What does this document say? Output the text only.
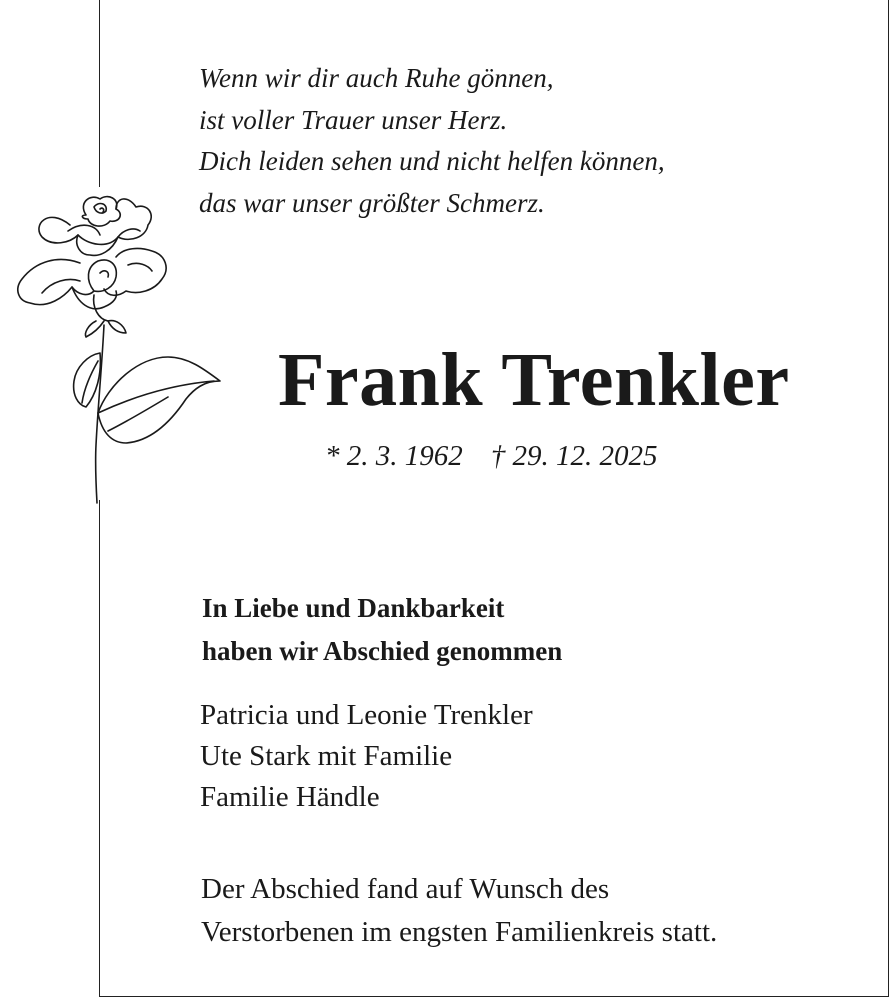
Wenn wir dir auch Ruhe gönnen,
ist voller Trauer unser Herz.
Dich leiden sehen und nicht helfen können,
das war unser größter Schmerz.
Frank Trenkler
* 2. 3. 1962 † 29. 12. 2025
In Liebe und Dankbarkeit
haben wir Abschied genommen
Patricia und Leonie Trenkler
Ute Stark mit Familie
Familie Händle
Der Abschied fand auf Wunsch des
Verstorbenen im engsten Familienkreis statt.
